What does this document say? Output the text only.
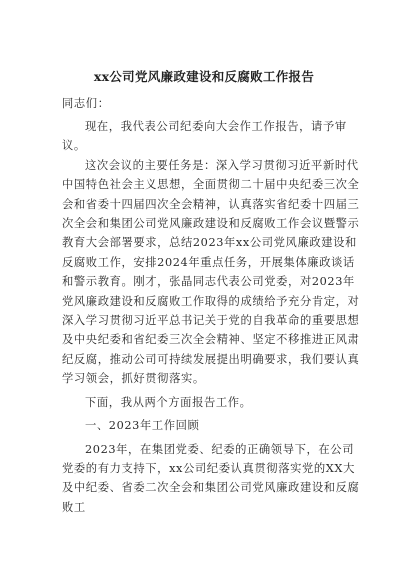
xx公司党风廉政建设和反腐败工作报告

同志们：

现在，我代表公司纪委向大会作工作报告，请予审议。

这次会议的主要任务是：深入学习贯彻习近平新时代中国特色社会主义思想，全面贯彻二十届中央纪委三次全会和省委十四届四次全会精神，认真落实省纪委十四届三次全会和集团公司党风廉政建设和反腐败工作会议暨警示教育大会部署要求，总结2023年xx公司党风廉政建设和反腐败工作，安排2024年重点任务，开展集体廉政谈话和警示教育。刚才，张晶同志代表公司党委，对2023年党风廉政建设和反腐败工作取得的成绩给予充分肯定，对深入学习贯彻习近平总书记关于党的自我革命的重要思想及中央纪委和省纪委三次全会精神、坚定不移推进正风肃纪反腐，推动公司可持续发展提出明确要求，我们要认真学习领会，抓好贯彻落实。

下面，我从两个方面报告工作。

一、2023年工作回顾

2023年，在集团党委、纪委的正确领导下，在公司党委的有力支持下，xx公司纪委认真贯彻落实党的XX大及中纪委、省委二次全会和集团公司党风廉政建设和反腐败工
